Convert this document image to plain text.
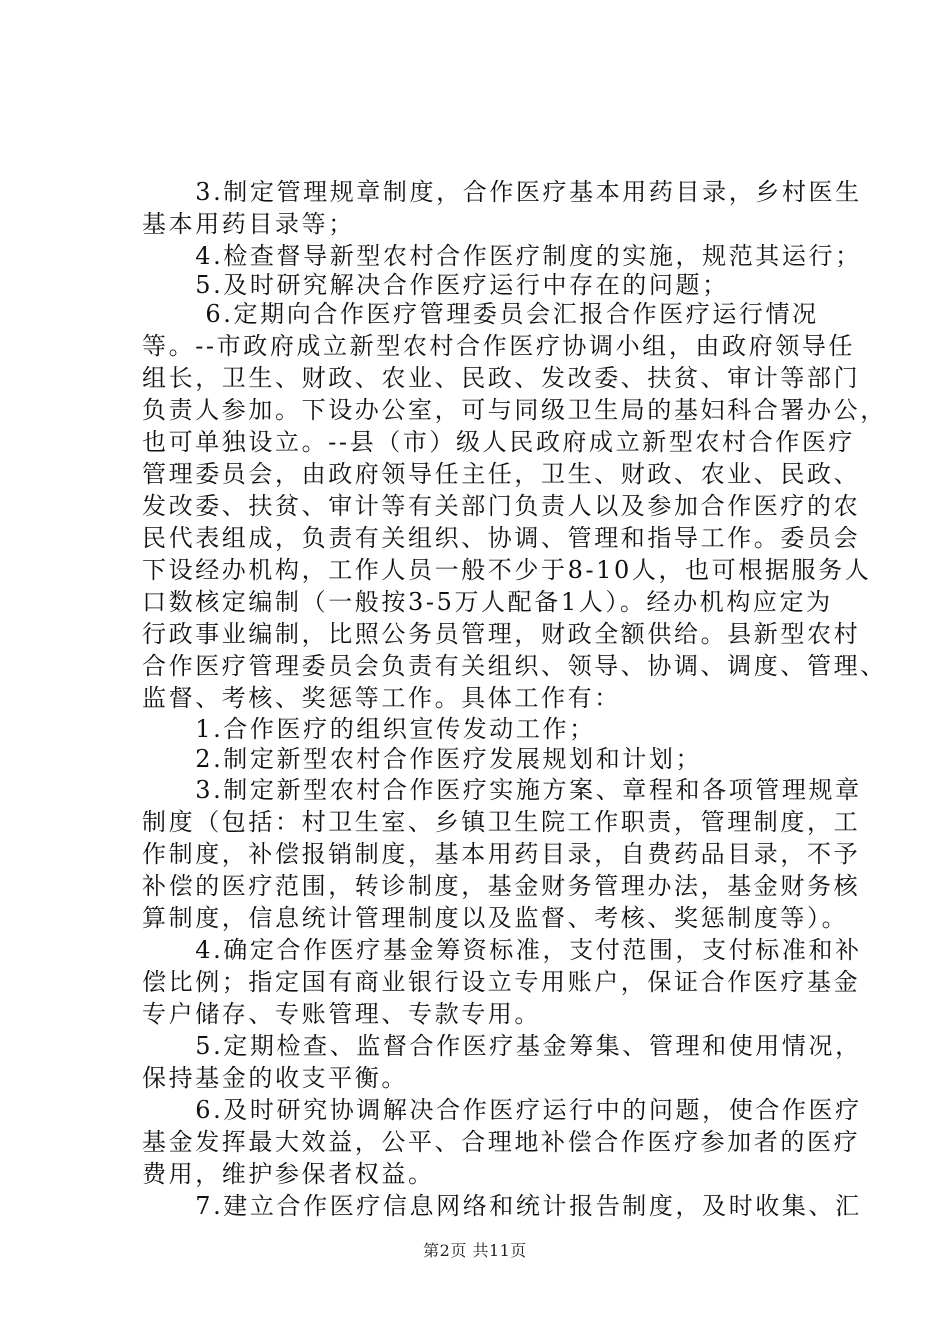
　　3.制定管理规章制度，合作医疗基本用药目录，乡村医生
基本用药目录等；
　　4.检查督导新型农村合作医疗制度的实施，规范其运行；
　　5.及时研究解决合作医疗运行中存在的问题；
　　 6.定期向合作医疗管理委员会汇报合作医疗运行情况
等。--市政府成立新型农村合作医疗协调小组，由政府领导任
组长，卫生、财政、农业、民政、发改委、扶贫、审计等部门
负责人参加。下设办公室，可与同级卫生局的基妇科合署办公，
也可单独设立。--县（市）级人民政府成立新型农村合作医疗
管理委员会，由政府领导任主任，卫生、财政、农业、民政、
发改委、扶贫、审计等有关部门负责人以及参加合作医疗的农
民代表组成，负责有关组织、协调、管理和指导工作。委员会
下设经办机构，工作人员一般不少于8-10人，也可根据服务人
口数核定编制（一般按3-5万人配备1人）。经办机构应定为
行政事业编制，比照公务员管理，财政全额供给。县新型农村
合作医疗管理委员会负责有关组织、领导、协调、调度、管理、
监督、考核、奖惩等工作。具体工作有：
　　1.合作医疗的组织宣传发动工作；
　　2.制定新型农村合作医疗发展规划和计划；
　　3.制定新型农村合作医疗实施方案、章程和各项管理规章
制度（包括：村卫生室、乡镇卫生院工作职责，管理制度，工
作制度，补偿报销制度，基本用药目录，自费药品目录，不予
补偿的医疗范围，转诊制度，基金财务管理办法，基金财务核
算制度，信息统计管理制度以及监督、考核、奖惩制度等）。
　　4.确定合作医疗基金筹资标准，支付范围，支付标准和补
偿比例；指定国有商业银行设立专用账户，保证合作医疗基金
专户储存、专账管理、专款专用。
　　5.定期检查、监督合作医疗基金筹集、管理和使用情况，
保持基金的收支平衡。
　　6.及时研究协调解决合作医疗运行中的问题，使合作医疗
基金发挥最大效益，公平、合理地补偿合作医疗参加者的医疗
费用，维护参保者权益。
　　7.建立合作医疗信息网络和统计报告制度，及时收集、汇
第2页 共11页
